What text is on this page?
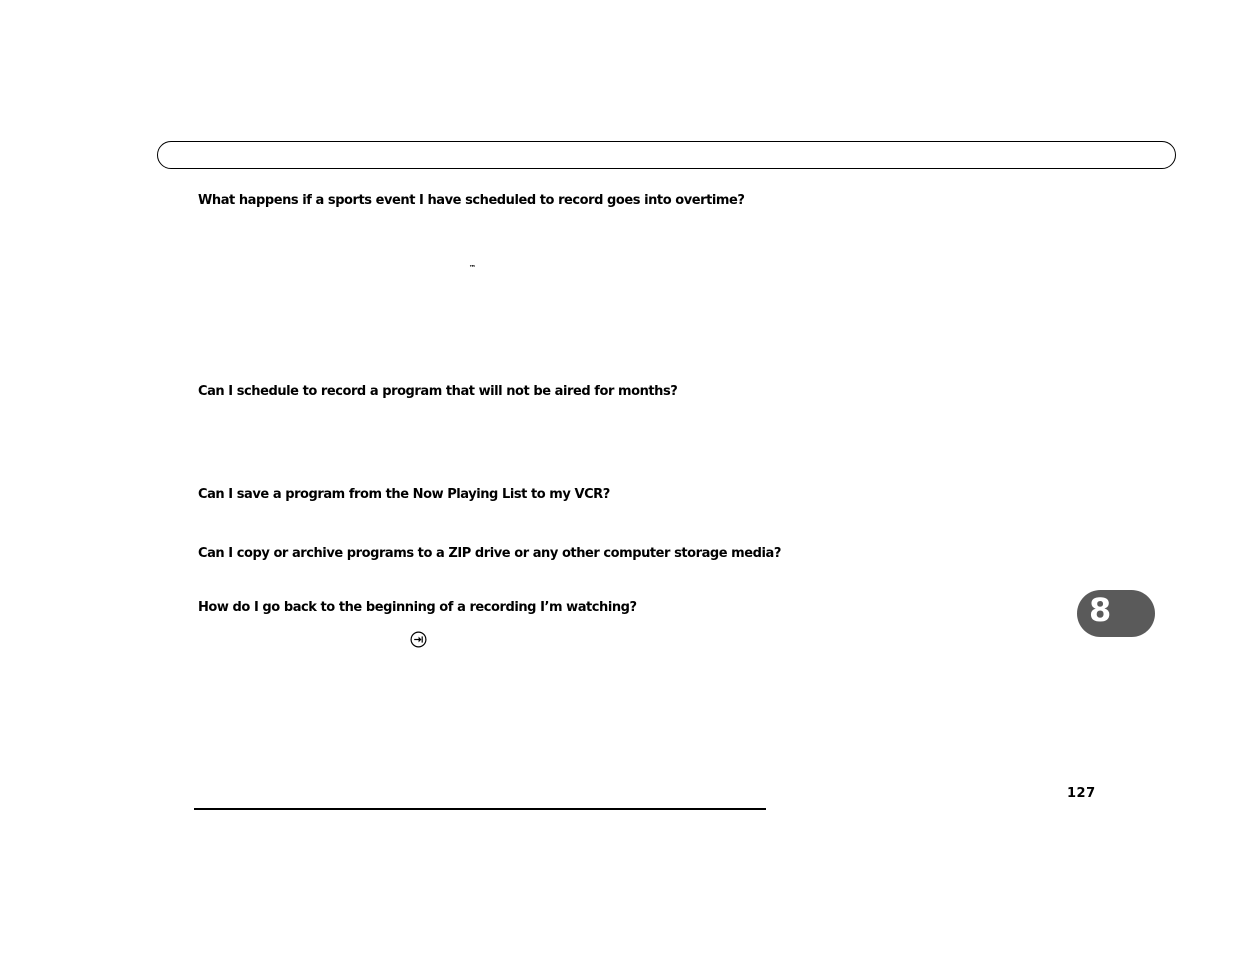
What happens if a sports event I have scheduled to record goes into overtime?

™

Can I schedule to record a program that will not be aired for months?

Can I save a program from the Now Playing List to my VCR?

Can I copy or archive programs to a ZIP drive or any other computer storage media?

How do I go back to the beginning of a recording I’m watching?	8
127
